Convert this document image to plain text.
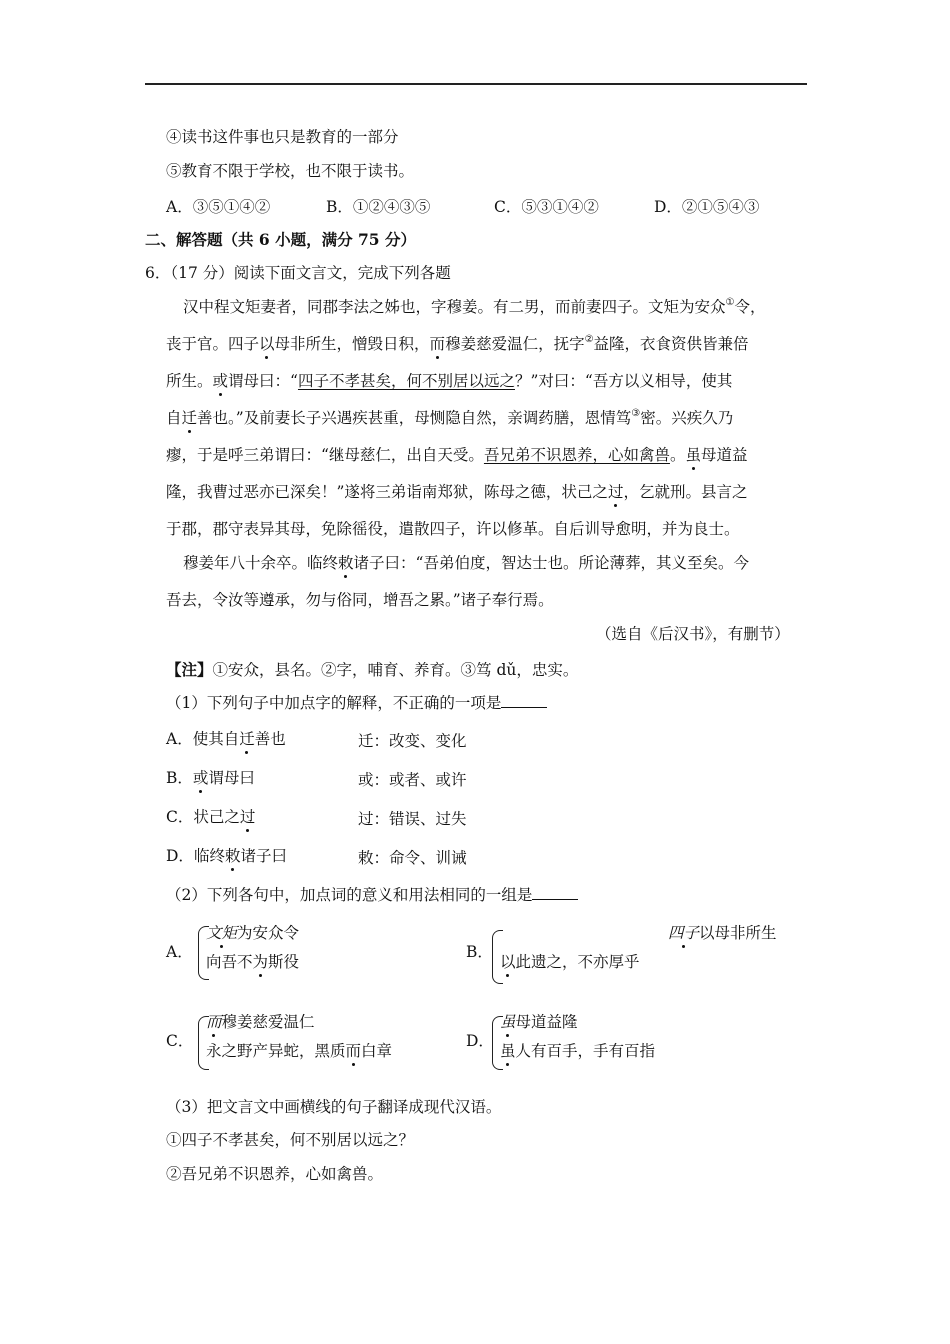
④读书这件事也只是教育的一部分
⑤教育不限于学校，也不限于读书。
A．③⑤①④②	B．①②④③⑤	C．⑤③①④②	D．②①⑤④③
二、解答题（共 6 小题，满分 75 分）
6．（17 分）阅读下面文言文，完成下列各题
汉中程文矩妻者，同郡李法之姊也，字穆姜。有二男，而前妻四子。文矩为安众①令，
丧于官。四子以母非所生，憎毁日积，而穆姜慈爱温仁，抚字②益隆，衣食资供皆兼倍
所生。或谓母曰：“四子不孝甚矣，何不别居以远之？”对曰：“吾方以义相导，使其
自迁善也。”及前妻长子兴遇疾甚重，母恻隐自然，亲调药膳，恩情笃③密。兴疾久乃
瘳，于是呼三弟谓曰：“继母慈仁，出自天受。吾兄弟不识恩养，心如禽兽。虽母道益
隆，我曹过恶亦已深矣！”遂将三弟诣南郑狱，陈母之德，状己之过，乞就刑。县言之
于郡，郡守表异其母，免除徭役，遣散四子，许以修革。自后训导愈明，并为良士。
穆姜年八十余卒。临终敕诸子曰：“吾弟伯度，智达士也。所论薄葬，其义至矣。今
吾去，令汝等遵承，勿与俗同，增吾之累。”诸子奉行焉。
（选自《后汉书》，有删节）
【注】①安众，县名。②字，哺育、养育。③笃 dǔ，忠实。
（1）下列句子中加点字的解释，不正确的一项是
A．使其自迁善也	迁：改变、变化
B．或谓母曰	或：或者、或许
C．状己之过	过：错误、过失
D．临终敕诸子曰	敕：命令、训诫
（2）下列各句中，加点词的意义和用法相同的一组是
A．
文矩为安众令
向吾不为斯役
B．
四子以母非所生
以此遗之，不亦厚乎
C．
而穆姜慈爱温仁
永之野产异蛇，黑质而白章
D．
虽母道益隆
虽人有百手，手有百指
（3）把文言文中画横线的句子翻译成现代汉语。
①四子不孝甚矣，何不别居以远之？
②吾兄弟不识恩养，心如禽兽。
